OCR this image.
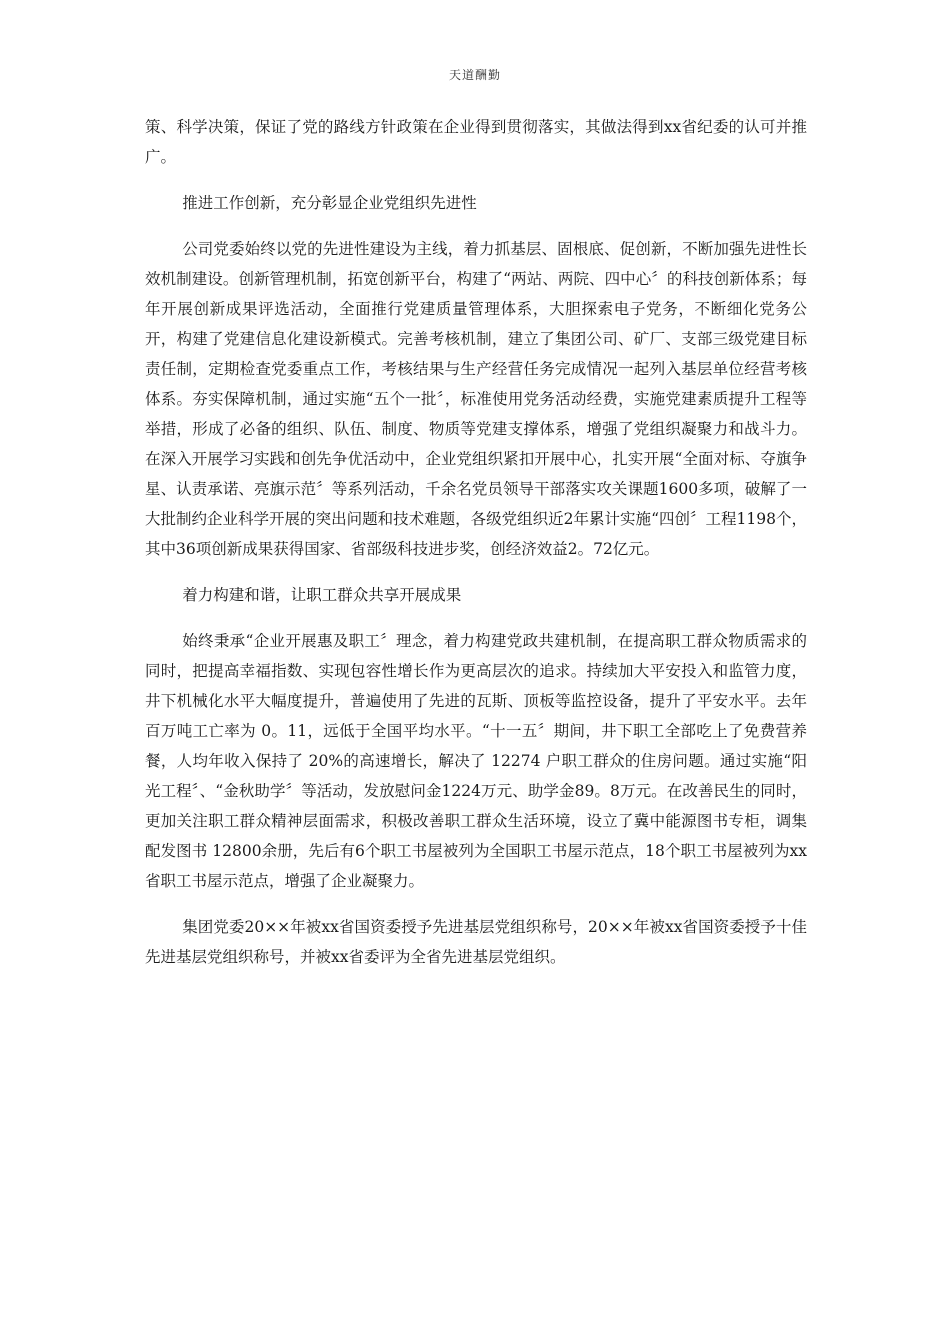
天道酬勤

策、科学决策，保证了党的路线方针政策在企业得到贯彻落实，其做法得到xx省纪委的认可并推广。

推进工作创新，充分彰显企业党组织先进性

公司党委始终以党的先进性建设为主线，着力抓基层、固根底、促创新，不断加强先进性长效机制建设。创新管理机制，拓宽创新平台，构建了“两站、两院、四中心〞的科技创新体系；每年开展创新成果评选活动，全面推行党建质量管理体系，大胆探索电子党务，不断细化党务公开，构建了党建信息化建设新模式。完善考核机制，建立了集团公司、矿厂、支部三级党建目标责任制，定期检查党委重点工作，考核结果与生产经营任务完成情况一起列入基层单位经营考核体系。夯实保障机制，通过实施“五个一批〞，标准使用党务活动经费，实施党建素质提升工程等举措，形成了必备的组织、队伍、制度、物质等党建支撑体系，增强了党组织凝聚力和战斗力。在深入开展学习实践和创先争优活动中，企业党组织紧扣开展中心，扎实开展“全面对标、夺旗争星、认责承诺、亮旗示范〞等系列活动，千余名党员领导干部落实攻关课题1600多项，破解了一大批制约企业科学开展的突出问题和技术难题，各级党组织近2年累计实施“四创〞工程1198个，其中36项创新成果获得国家、省部级科技进步奖，创经济效益2。72亿元。

着力构建和谐，让职工群众共享开展成果

始终秉承“企业开展惠及职工〞理念，着力构建党政共建机制，在提高职工群众物质需求的同时，把提高幸福指数、实现包容性增长作为更高层次的追求。持续加大平安投入和监管力度，井下机械化水平大幅度提升，普遍使用了先进的瓦斯、顶板等监控设备，提升了平安水平。去年百万吨工亡率为 0。11，远低于全国平均水平。“十一五〞期间，井下职工全部吃上了免费营养餐，人均年收入保持了 20%的高速增长，解决了 12274 户职工群众的住房问题。通过实施“阳光工程〞、“金秋助学〞等活动，发放慰问金1224万元、助学金89。8万元。在改善民生的同时，更加关注职工群众精神层面需求，积极改善职工群众生活环境，设立了冀中能源图书专柜，调集配发图书 12800余册，先后有6个职工书屋被列为全国职工书屋示范点，18个职工书屋被列为xx省职工书屋示范点，增强了企业凝聚力。

集团党委20××年被xx省国资委授予先进基层党组织称号，20××年被xx省国资委授予十佳先进基层党组织称号，并被xx省委评为全省先进基层党组织。
